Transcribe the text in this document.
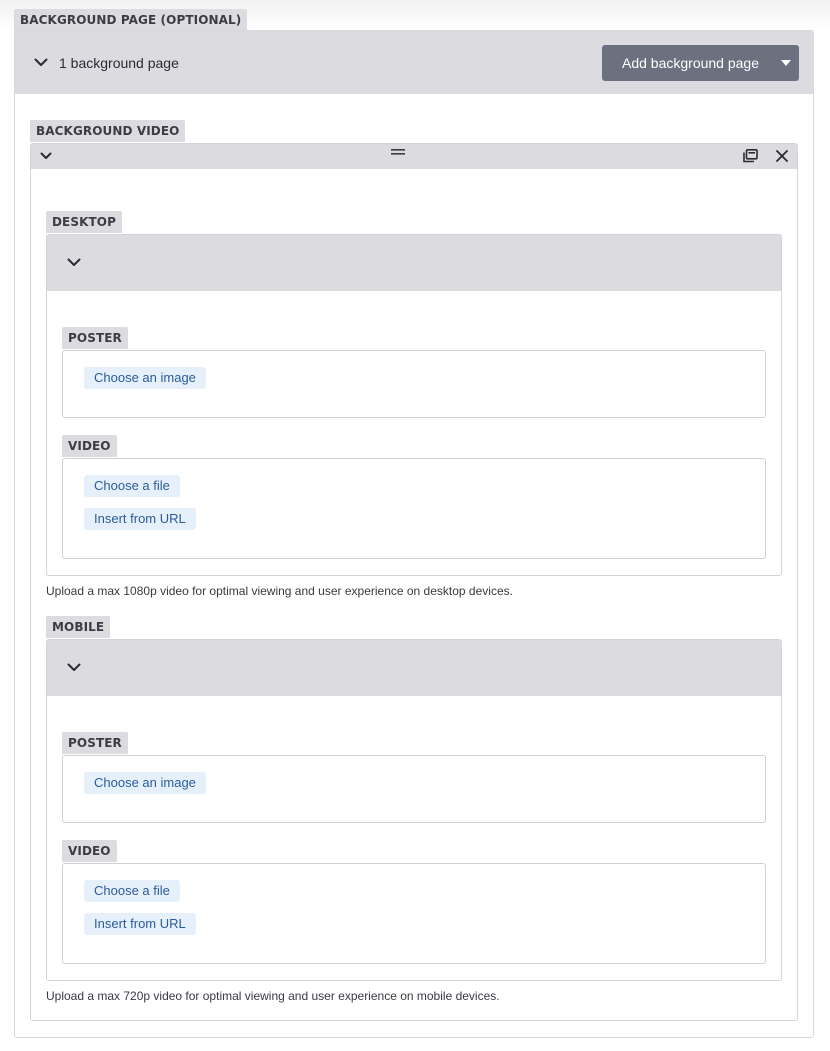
BACKGROUND PAGE (OPTIONAL)
1 background page	Add background page
BACKGROUND VIDEO
DESKTOP
POSTER
Choose an image
VIDEO
Choose a file
Insert from URL
Upload a max 1080p video for optimal viewing and user experience on desktop devices.
MOBILE
POSTER
Choose an image
VIDEO
Choose a file
Insert from URL
Upload a max 720p video for optimal viewing and user experience on mobile devices.
